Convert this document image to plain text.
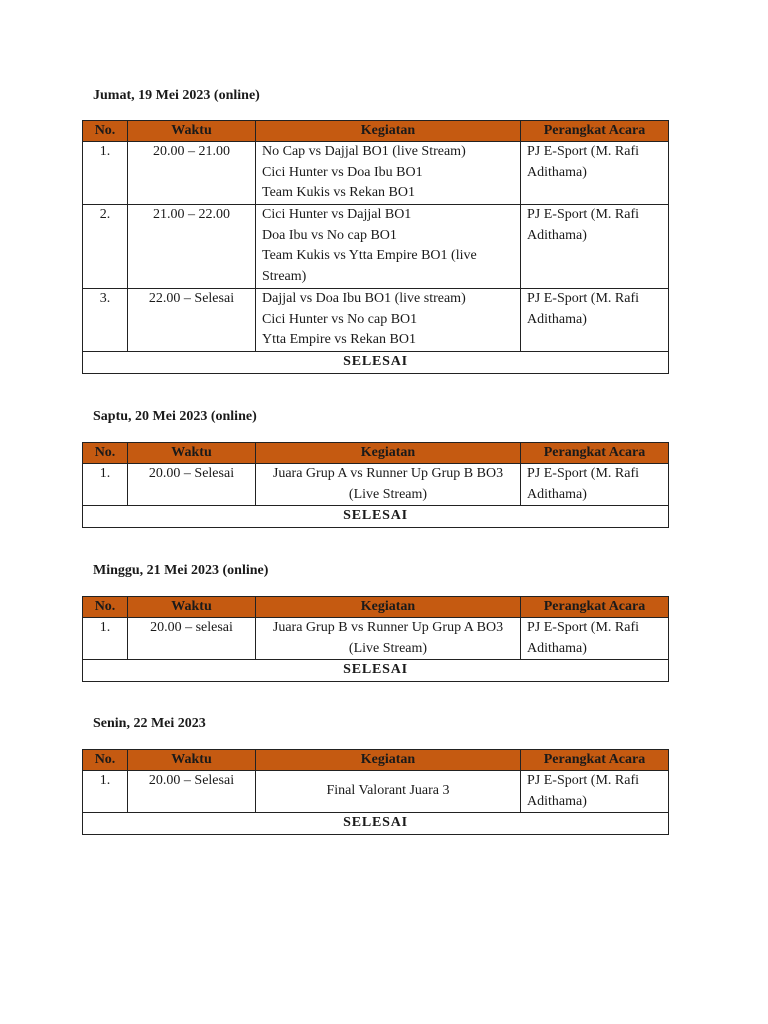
Jumat, 19 Mei 2023 (online)
No.	Waktu	Kegiatan	Perangkat Acara
1.	20.00 – 21.00	No Cap vs Dajjal BO1 (live Stream)
Cici Hunter vs Doa Ibu BO1
Team Kukis vs Rekan BO1	PJ E-Sport (M. Rafi Adithama)
2.	21.00 – 22.00	Cici Hunter vs Dajjal BO1
Doa Ibu vs No cap BO1
Team Kukis vs Ytta Empire BO1 (live Stream)	PJ E-Sport (M. Rafi Adithama)
3.	22.00 – Selesai	Dajjal vs Doa Ibu BO1 (live stream)
Cici Hunter vs No cap BO1
Ytta Empire vs Rekan BO1	PJ E-Sport (M. Rafi Adithama)
SELESAI			
Saptu, 20 Mei 2023 (online)
No.	Waktu	Kegiatan	Perangkat Acara
1.	20.00 – Selesai	Juara Grup A vs Runner Up Grup B BO3 (Live Stream)	PJ E-Sport (M. Rafi Adithama)
SELESAI			
Minggu, 21 Mei 2023 (online)
No.	Waktu	Kegiatan	Perangkat Acara
1.	20.00 – selesai	Juara Grup B vs Runner Up Grup A BO3 (Live Stream)	PJ E-Sport (M. Rafi Adithama)
SELESAI			
Senin, 22 Mei 2023
No.	Waktu	Kegiatan	Perangkat Acara
1.	20.00 – Selesai	Final Valorant Juara 3	PJ E-Sport (M. Rafi Adithama)
SELESAI			
